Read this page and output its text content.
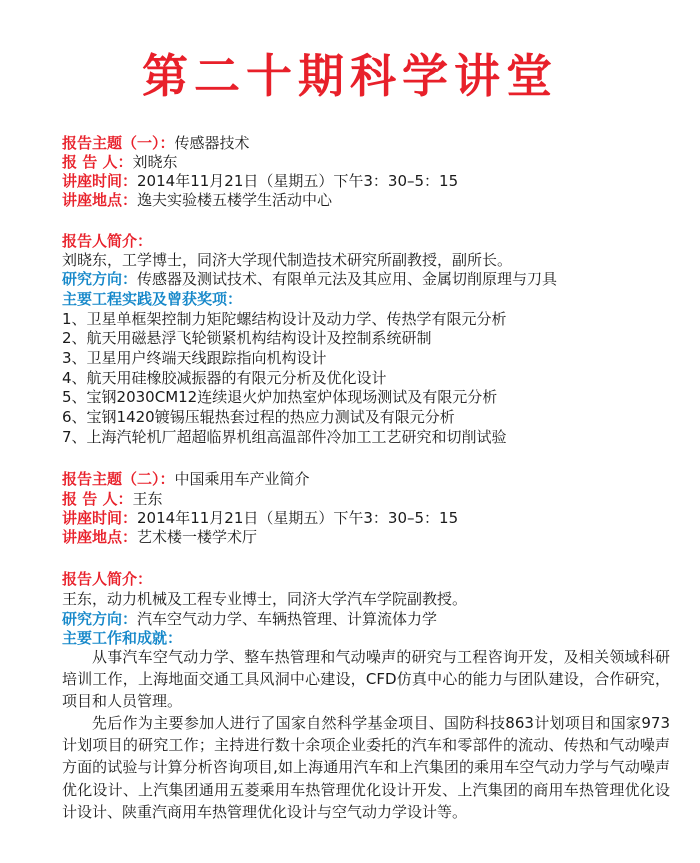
第二十期科学讲堂
报告主题（一）：传感器技术
报 告 人：刘晓东
讲座时间：2014年11月21日（星期五）下午3：30–5：15
讲座地点：逸夫实验楼五楼学生活动中心
报告人简介：
刘晓东，工学博士，同济大学现代制造技术研究所副教授，副所长。
研究方向：传感器及测试技术、有限单元法及其应用、金属切削原理与刀具
主要工程实践及曾获奖项：
1、卫星单框架控制力矩陀螺结构设计及动力学、传热学有限元分析
2、航天用磁悬浮飞轮锁紧机构结构设计及控制系统研制
3、卫星用户终端天线跟踪指向机构设计
4、航天用硅橡胶减振器的有限元分析及优化设计
5、宝钢2030CM12连续退火炉加热室炉体现场测试及有限元分析
6、宝钢1420镀锡压辊热套过程的热应力测试及有限元分析
7、上海汽轮机厂超超临界机组高温部件冷加工工艺研究和切削试验
报告主题（二）：中国乘用车产业简介
报 告 人：王东
讲座时间：2014年11月21日（星期五）下午3：30–5：15
讲座地点：艺术楼一楼学术厅
报告人简介：
王东，动力机械及工程专业博士，同济大学汽车学院副教授。
研究方向：汽车空气动力学、车辆热管理、计算流体力学
主要工作和成就：
从事汽车空气动力学、整车热管理和气动噪声的研究与工程咨询开发，及相关领域科研培训工作，上海地面交通工具风洞中心建设，CFD仿真中心的能力与团队建设，合作研究，项目和人员管理。
先后作为主要参加人进行了国家自然科学基金项目、国防科技863计划项目和国家973计划项目的研究工作；主持进行数十余项企业委托的汽车和零部件的流动、传热和气动噪声方面的试验与计算分析咨询项目,如上海通用汽车和上汽集团的乘用车空气动力学与气动噪声优化设计、上汽集团通用五菱乘用车热管理优化设计开发、上汽集团的商用车热管理优化设计设计、陕重汽商用车热管理优化设计与空气动力学设计等。
